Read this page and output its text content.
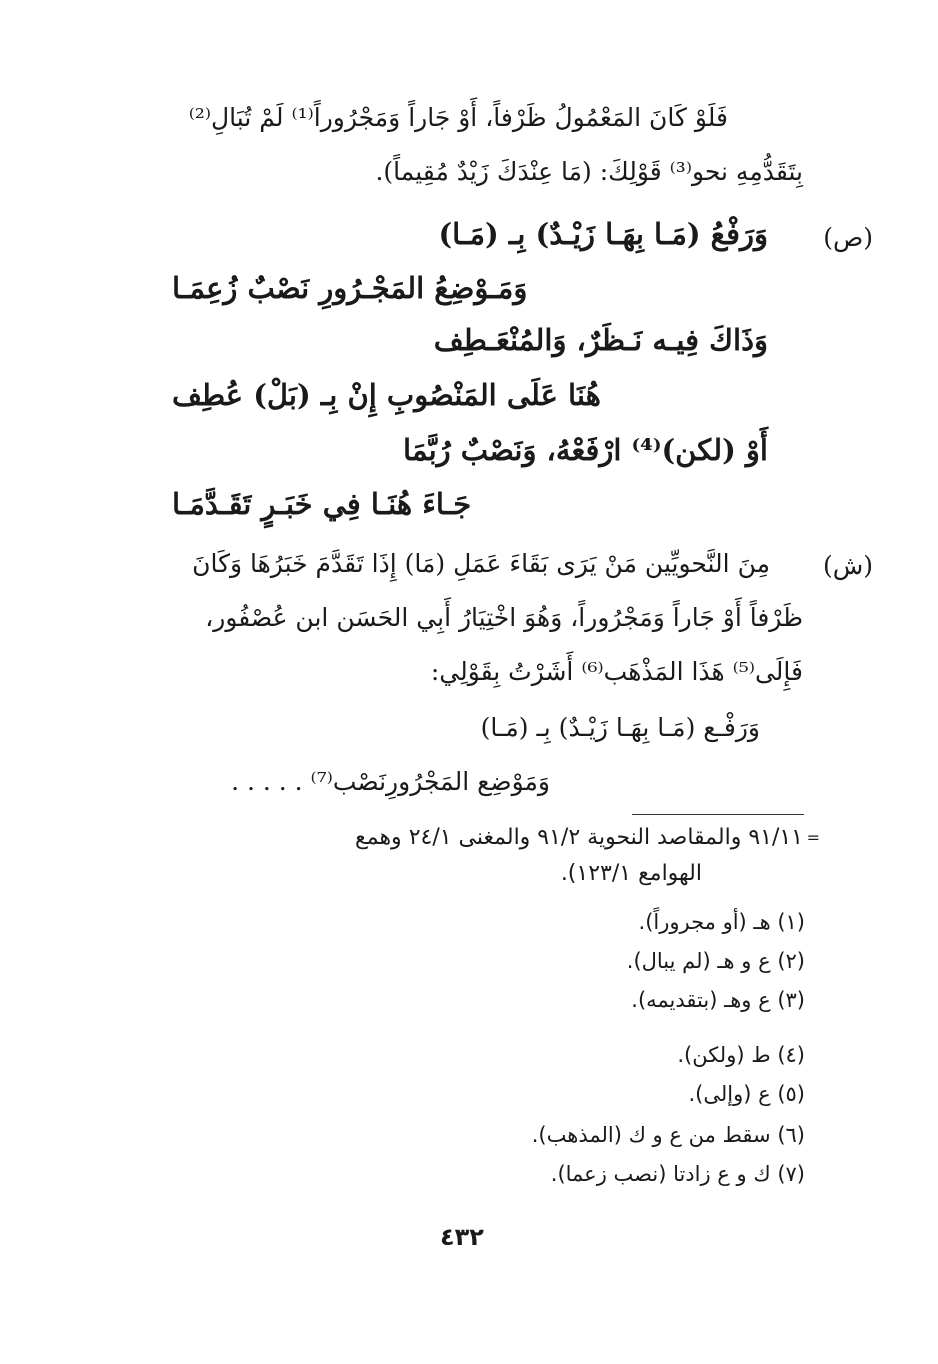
فَلَوْ كَانَ المَعْمُولُ ظَرْفاً، أَوْ جَاراً وَمَجْرُوراً⁽¹⁾ لَمْ تُبَالِ⁽²⁾
بِتَقَدُّمِهِ نحو⁽³⁾ قَوْلِكَ: (مَا عِنْدَكَ زَيْدٌ مُقِيماً).
(ص)
وَرَفْعُ (مَـا بِهَـا زَيْـدٌ) بِـ (مَـا)
وَمَـوْضِعُ المَجْـرُورِ نَصْبٌ زُعِمَـا
وَذَاكَ فِيـه نَـظَرٌ، وَالمُنْعَـطِف
هُنَا عَلَى المَنْصُوبِ إِنْ بِـ (بَلْ) عُطِف
أَوْ (لكن)⁽⁴⁾ ارْفَعْهُ، وَنَصْبٌ رُبَّمَا
جَـاءَ هُنَـا فِي خَبَـرٍ تَقَـدَّمَـا
(ش)
مِنَ النَّحويِّين مَنْ يَرَى بَقَاءَ عَمَلِ (مَا) إِذَا تَقَدَّمَ خَبَرُهَا وَكَانَ
ظَرْفاً أَوْ جَاراً وَمَجْرُوراً، وَهُوَ اخْتِيَارُ أَبِي الحَسَن ابن عُصْفُور،
فَإِلَى⁽⁵⁾ هَذَا المَذْهَب⁽⁶⁾ أَشَرْتُ بِقَوْلِي:
وَرَفْـع (مَـا بِهَـا زَيْـدٌ) بِـ (مَـا)
وَمَوْضِع المَجْرُورِنَصْب⁽⁷⁾ . . . . .
=
٩١/١١ والمقاصد النحوية ٩١/٢ والمغنى ٢٤/١ وهمع
الهوامع ١٢٣/١).
(١) هـ (أو مجروراً).
(٢) ع و هـ (لم يبال).
(٣) ع وهـ (بتقديمه).
(٤) ط (ولكن).
(٥) ع (وإلى).
(٦) سقط من ع و ك (المذهب).
(٧) ك و ع زادتا (نصب زعما).
٤٣٢
